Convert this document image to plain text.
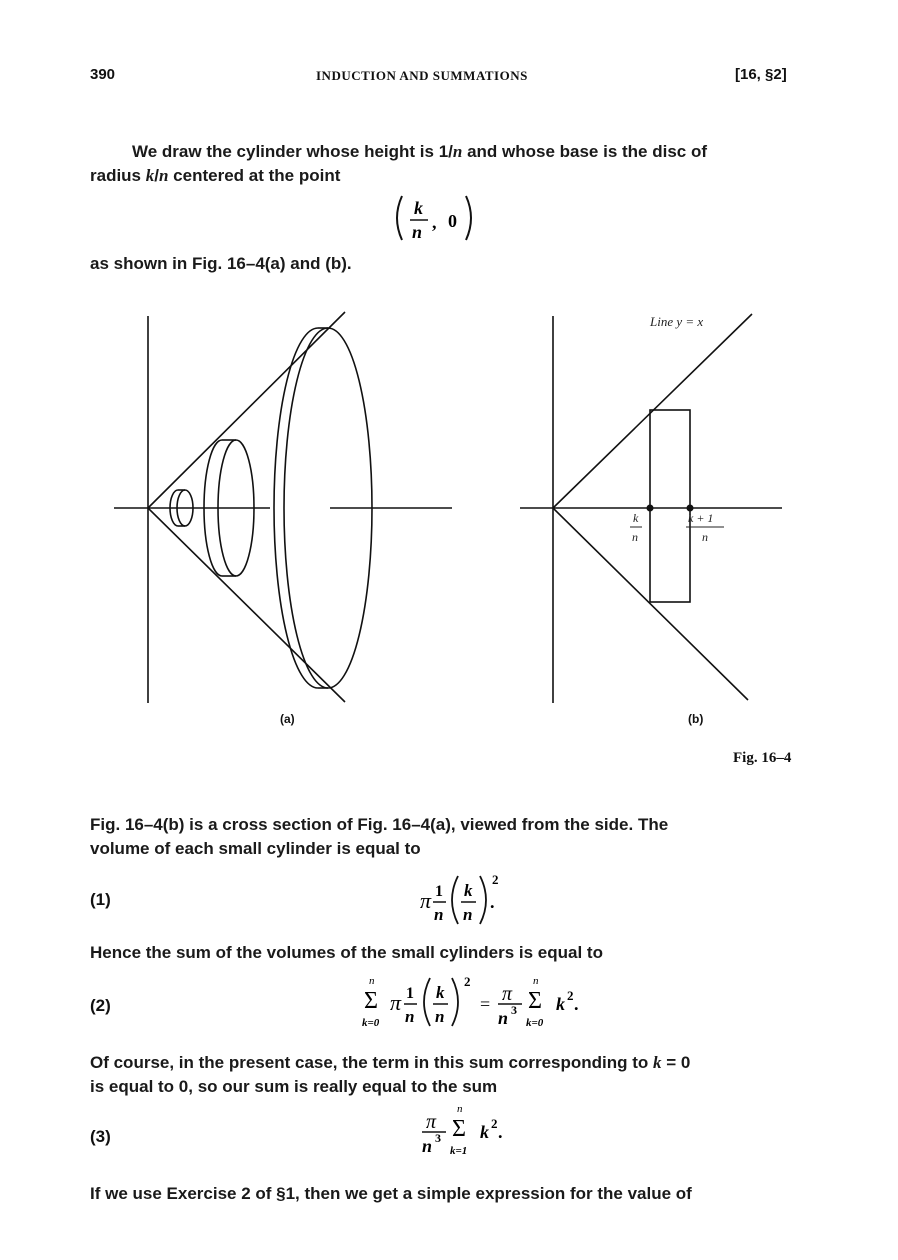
390	INDUCTION AND SUMMATIONS	[16, §2]
We draw the cylinder whose height is 1/n and whose base is the disc of
radius k/n centered at the point
k
n , 0
as shown in Fig. 16–4(a) and (b).
(a)
Line y = x
k
n
k + 1
n
(b)
Fig. 16–4
Fig. 16–4(b) is a cross section of Fig. 16–4(a), viewed from the side. The
volume of each small cylinder is equal to
(1)	π 1
n
k
n
2
.
Hence the sum of the volumes of the small cylinders is equal to
(2)
n
Σ
k=0
π 1
n
k
n
2
= π
n 3
n
Σ
k=0
k 2 .
Of course, in the present case, the term in this sum corresponding to k = 0
is equal to 0, so our sum is really equal to the sum
(3)
π
n 3
n
Σ
k=1
k 2 .
If we use Exercise 2 of §1, then we get a simple expression for the value of
